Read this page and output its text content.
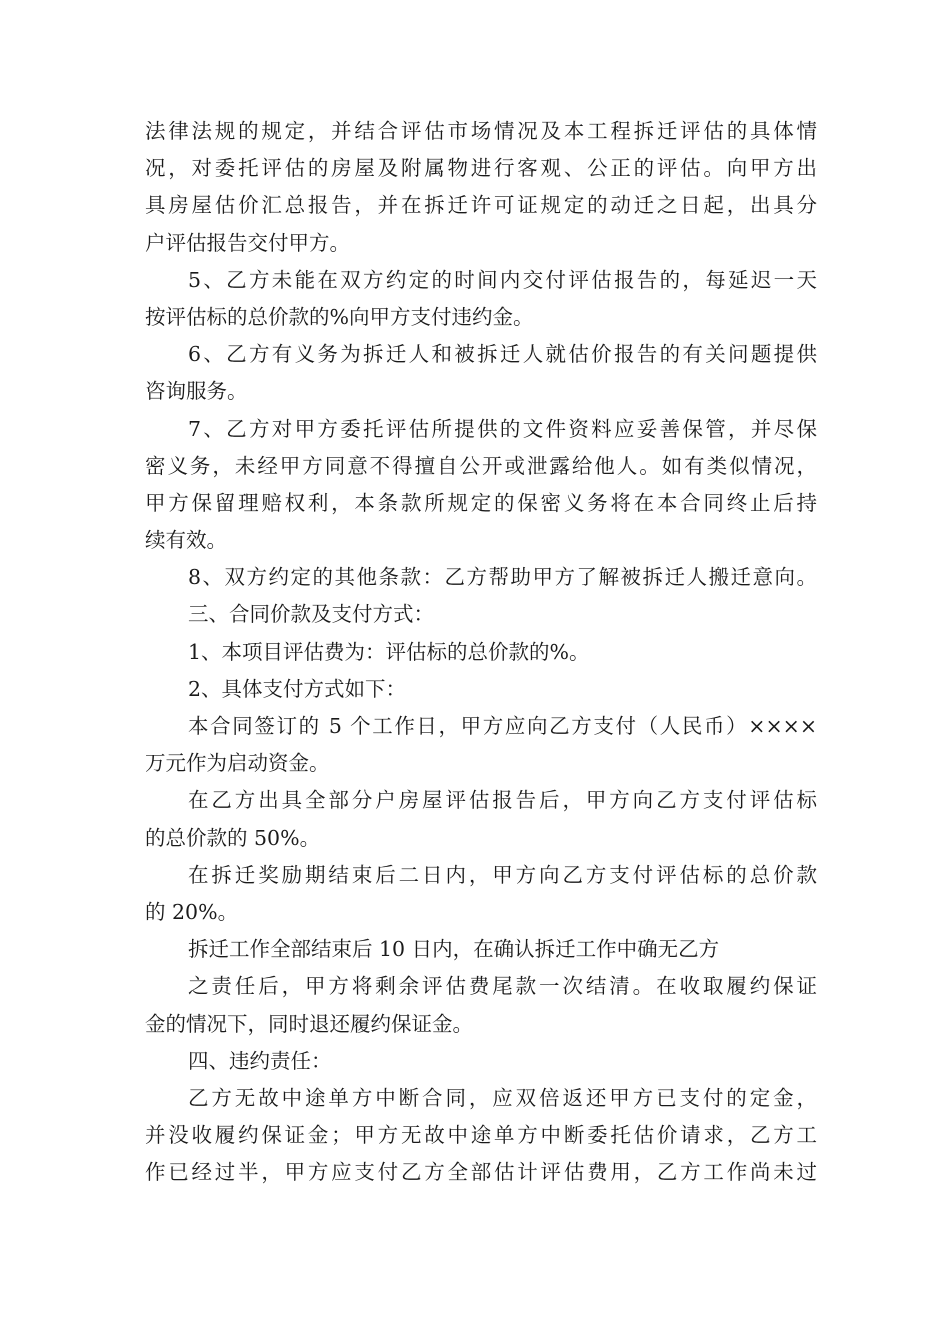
法律法规的规定，并结合评估市场情况及本工程拆迁评估的具体情
况，对委托评估的房屋及附属物进行客观、公正的评估。向甲方出
具房屋估价汇总报告，并在拆迁许可证规定的动迁之日起，出具分
户评估报告交付甲方。
5、乙方未能在双方约定的时间内交付评估报告的，每延迟一天
按评估标的总价款的%向甲方支付违约金。
6、乙方有义务为拆迁人和被拆迁人就估价报告的有关问题提供
咨询服务。
7、乙方对甲方委托评估所提供的文件资料应妥善保管，并尽保
密义务，未经甲方同意不得擅自公开或泄露给他人。如有类似情况，
甲方保留理赔权利，本条款所规定的保密义务将在本合同终止后持
续有效。
8、双方约定的其他条款：乙方帮助甲方了解被拆迁人搬迁意向。
三、合同价款及支付方式：
1、本项目评估费为：评估标的总价款的%。
2、具体支付方式如下：
本合同签订的 5 个工作日，甲方应向乙方支付（人民币）××××
万元作为启动资金。
在乙方出具全部分户房屋评估报告后，甲方向乙方支付评估标
的总价款的 50%。
在拆迁奖励期结束后二日内，甲方向乙方支付评估标的总价款
的 20%。
拆迁工作全部结束后 10 日内，在确认拆迁工作中确无乙方
之责任后，甲方将剩余评估费尾款一次结清。在收取履约保证
金的情况下，同时退还履约保证金。
四、违约责任：
乙方无故中途单方中断合同，应双倍返还甲方已支付的定金，
并没收履约保证金；甲方无故中途单方中断委托估价请求，乙方工
作已经过半，甲方应支付乙方全部估计评估费用，乙方工作尚未过
